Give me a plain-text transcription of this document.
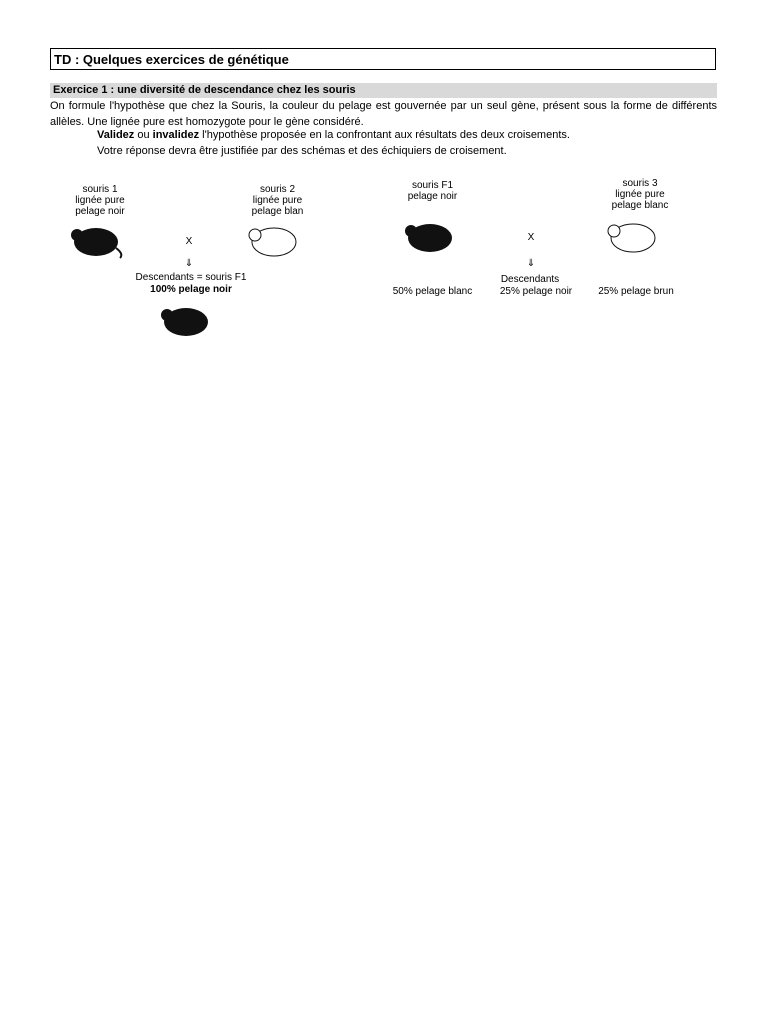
TD : Quelques exercices de génétique
Exercice 1 : une diversité de descendance chez les souris
On formule l'hypothèse que chez la Souris, la couleur du pelage est gouvernée par un seul gène, présent sous la forme de différents allèles. Une lignée pure est homozygote pour le gène considéré.
Validez ou invalidez l'hypothèse proposée en la confrontant aux résultats des deux croisements.
Votre réponse devra être justifiée par des schémas et des échiquiers de croisement.
souris 1
lignée pure
pelage noir
X
souris 2
lignée pure
pelage blan
⇓
Descendants = souris F1
100% pelage noir
souris F1
pelage noir
X
souris 3
lignée pure
pelage blanc
⇓
Descendants
50% pelage blanc	25% pelage noir	25% pelage brun
